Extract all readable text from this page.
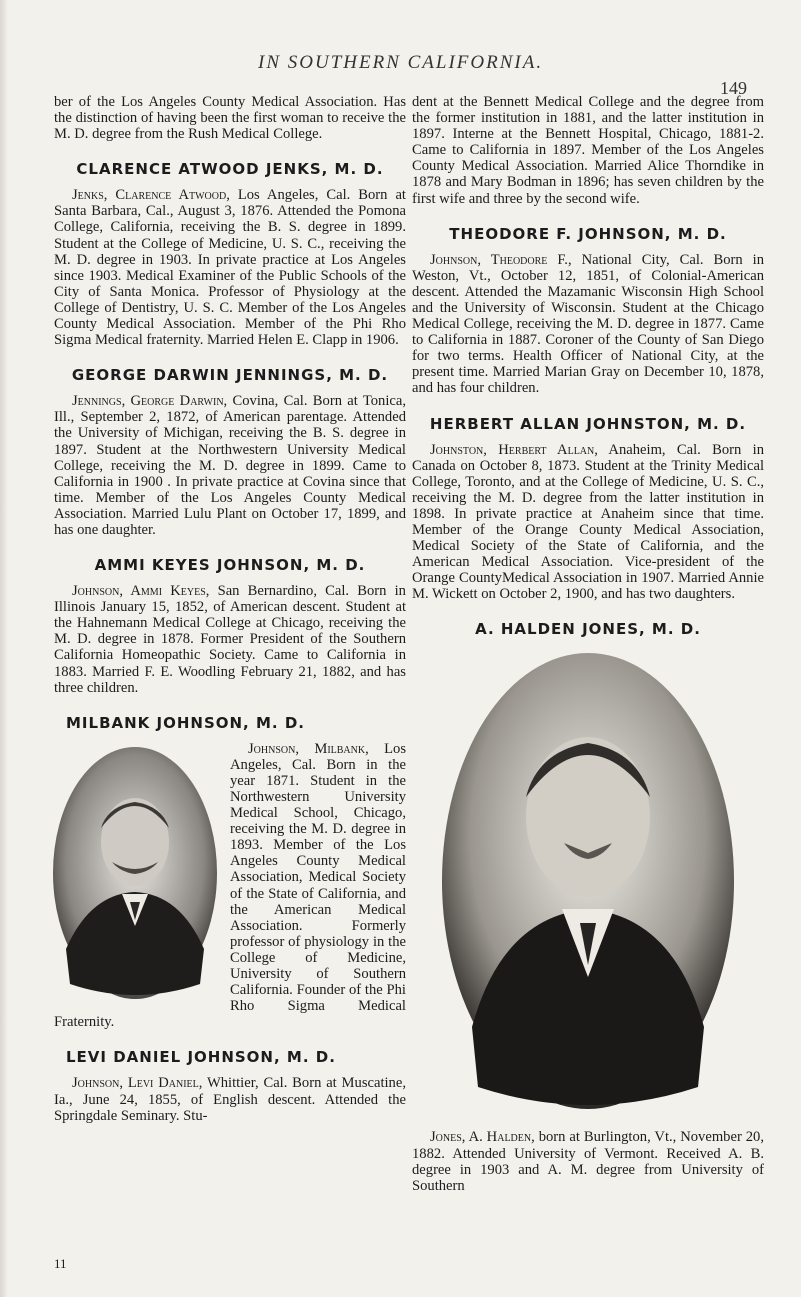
IN SOUTHERN CALIFORNIA.
149

ber of the Los Angeles County Medical Association. Has the distinction of having been the first woman to receive the M. D. degree from the Rush Medical College.

CLARENCE ATWOOD JENKS, M. D.

Jenks, Clarence Atwood, Los Angeles, Cal. Born at Santa Barbara, Cal., August 3, 1876. Attended the Pomona College, California, receiving the B. S. degree in 1899. Student at the College of Medicine, U. S. C., receiving the M. D. degree in 1903. In private practice at Los Angeles since 1903. Medical Examiner of the Public Schools of the City of Santa Monica. Professor of Physiology at the College of Dentistry, U. S. C. Member of the Los Angeles County Medical Association. Member of the Phi Rho Sigma Medical fraternity. Married Helen E. Clapp in 1906.

GEORGE DARWIN JENNINGS, M. D.

Jennings, George Darwin, Covina, Cal. Born at Tonica, Ill., September 2, 1872, of American parentage. Attended the University of Michigan, receiving the B. S. degree in 1897. Student at the Northwestern University Medical College, receiving the M. D. degree in 1899. Came to California in 1900 . In private practice at Covina since that time. Member of the Los Angeles County Medical Association. Married Lulu Plant on October 17, 1899, and has one daughter.

AMMI KEYES JOHNSON, M. D.

Johnson, Ammi Keyes, San Bernardino, Cal. Born in Illinois January 15, 1852, of American descent. Student at the Hahnemann Medical College at Chicago, receiving the M. D. degree in 1878. Former President of the Southern California Homeopathic Society. Came to California in 1883. Married F. E. Woodling February 21, 1882, and has three children.

MILBANK JOHNSON, M. D.

Johnson, Milbank, Los Angeles, Cal. Born in the year 1871. Student in the Northwestern University Medical School, Chicago, receiving the M. D. degree in 1893. Member of the Los Angeles County Medical Association, Medical Society of the State of California, and the American Medical Association. Formerly professor of physiology in the College of Medicine, University of Southern California. Founder of the Phi Rho Sigma Medical Fraternity.

LEVI DANIEL JOHNSON, M. D.

Johnson, Levi Daniel, Whittier, Cal. Born at Muscatine, Ia., June 24, 1855, of English descent. Attended the Springdale Seminary. Stu-

dent at the Bennett Medical College and the degree from the former institution in 1881, and the latter institution in 1897. Interne at the Bennett Hospital, Chicago, 1881-2. Came to California in 1897. Member of the Los Angeles County Medical Association. Married Alice Thorndike in 1878 and Mary Bodman in 1896; has seven children by the first wife and three by the second wife.

THEODORE F. JOHNSON, M. D.

Johnson, Theodore F., National City, Cal. Born in Weston, Vt., October 12, 1851, of Colonial-American descent. Attended the Mazamanic Wisconsin High School and the University of Wisconsin. Student at the Chicago Medical College, receiving the M. D. degree in 1877. Came to California in 1887. Coroner of the County of San Diego for two terms. Health Officer of National City, at the present time. Married Marian Gray on December 10, 1878, and has four children.

HERBERT ALLAN JOHNSTON, M. D.

Johnston, Herbert Allan, Anaheim, Cal. Born in Canada on October 8, 1873. Student at the Trinity Medical College, Toronto, and at the College of Medicine, U. S. C., receiving the M. D. degree from the latter institution in 1898. In private practice at Anaheim since that time. Member of the Orange County Medical Association, Medical Society of the State of California, and the American Medical Association. Vice-president of the Orange CountyMedical Association in 1907. Married Annie M. Wickett on October 2, 1900, and has two daughters.

A. HALDEN JONES, M. D.

Jones, A. Halden, born at Burlington, Vt., November 20, 1882. Attended University of Vermont. Received A. B. degree in 1903 and A. M. degree from University of Southern

11
